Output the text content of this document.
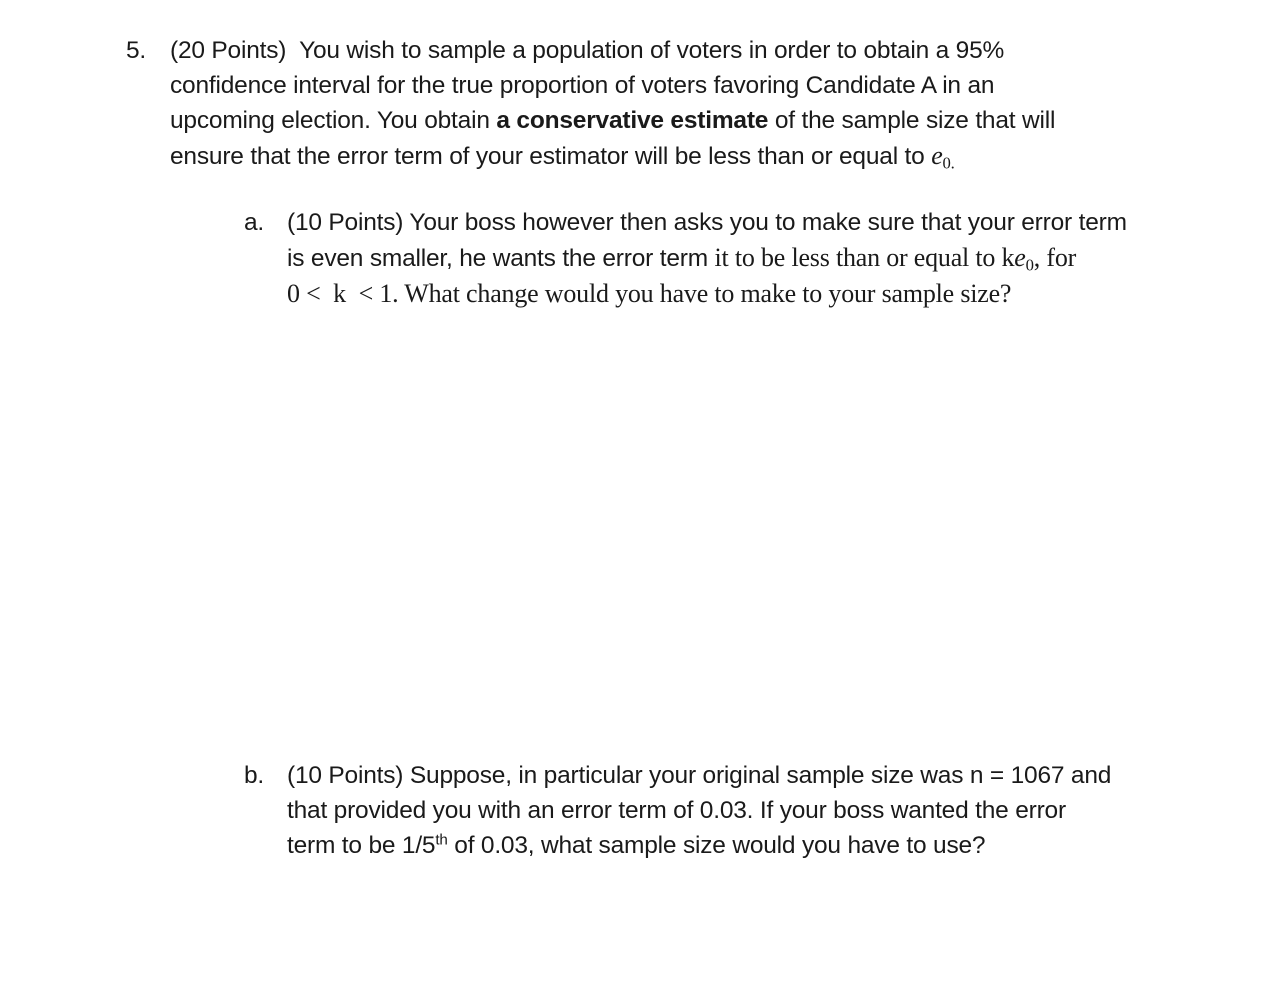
5. (20 Points) You wish to sample a population of voters in order to obtain a 95%
confidence interval for the true proportion of voters favoring Candidate A in an
upcoming election. You obtain a conservative estimate of the sample size that will
ensure that the error term of your estimator will be less than or equal to $e_{0.}$
a. (10 Points) Your boss however then asks you to make sure that your error term
is even smaller, he wants the error term it to be less than or equal to $ke_0$, for
0 <  k  < 1. What change would you have to make to your sample size?
b. (10 Points) Suppose, in particular your original sample size was n = 1067 and
that provided you with an error term of 0.03. If your boss wanted the error
term to be 1/5th of 0.03, what sample size would you have to use?
